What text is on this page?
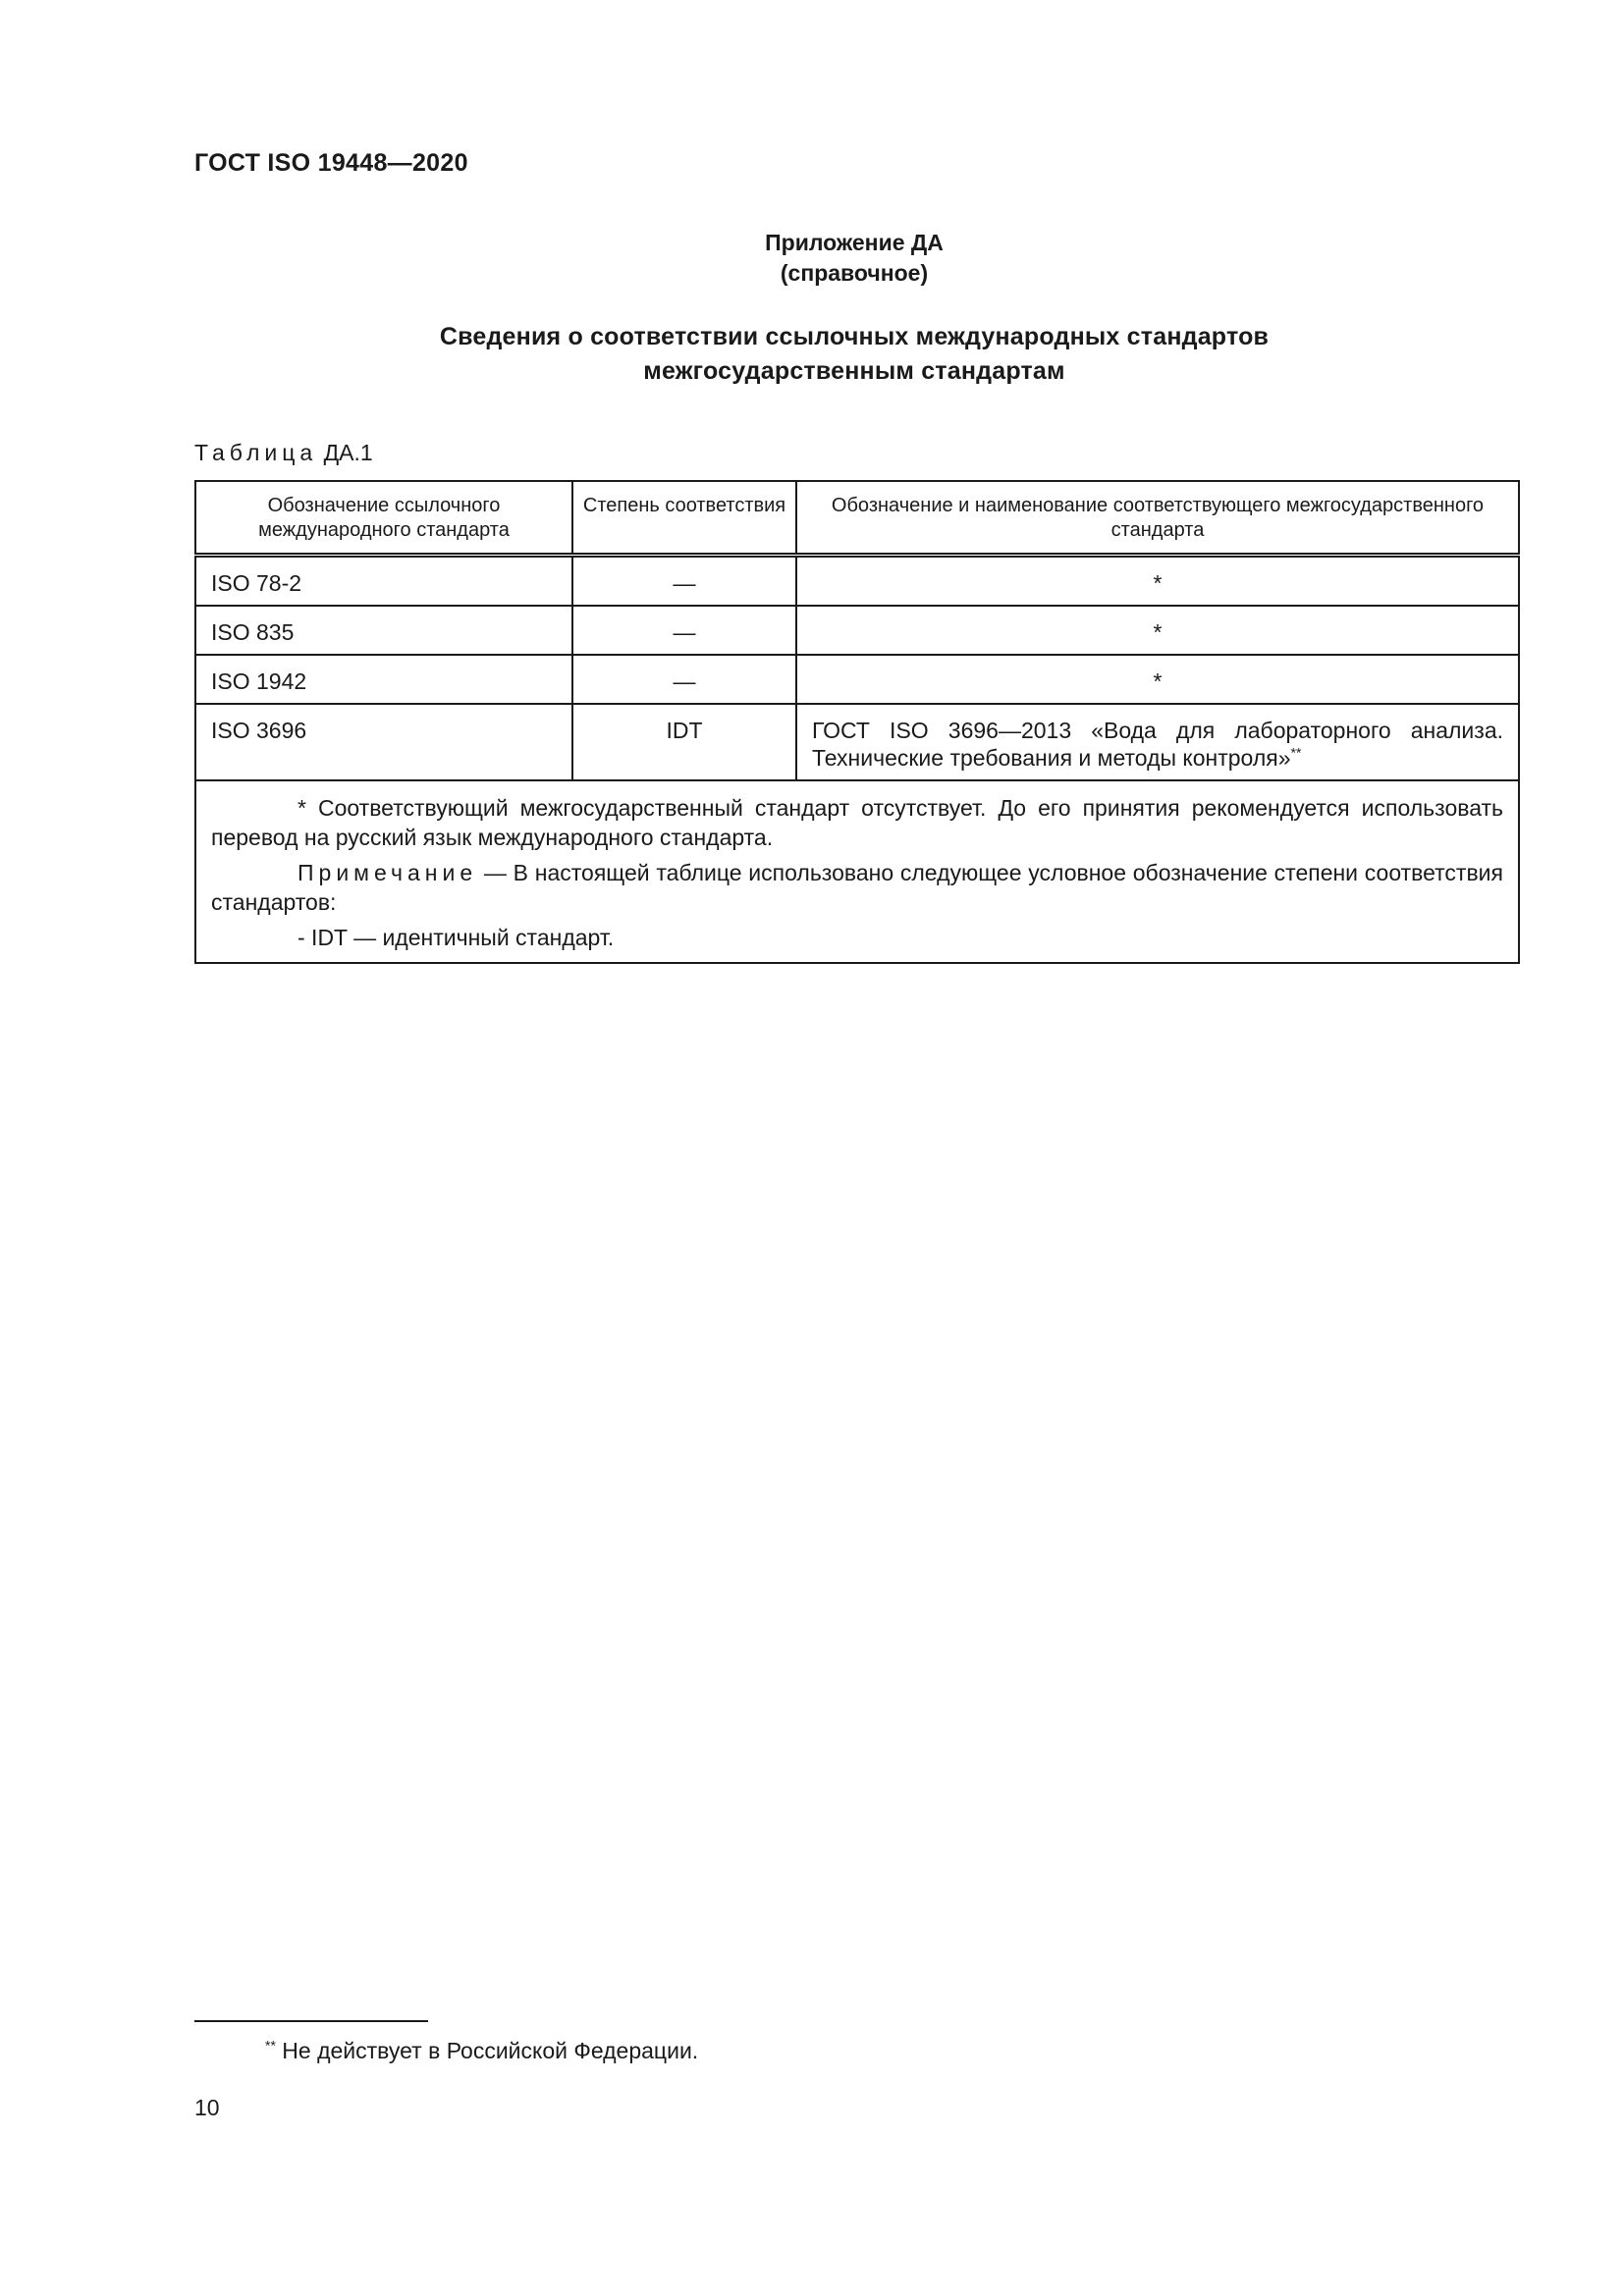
ГОСТ ISO 19448—2020
Приложение ДА
(справочное)
Сведения о соответствии ссылочных международных стандартов
межгосударственным стандартам
Таблица ДА.1
Обозначение ссылочного международного стандарта	Степень соответствия	Обозначение и наименование соответствующего межгосударственного стандарта
ISO 78-2	—	*
ISO 835	—	*
ISO 1942	—	*
ISO 3696	IDT	ГОСТ ISO 3696—2013 «Вода для лабораторного анализа. Технические требования и методы контроля»**

* Соответствующий межгосударственный стандарт отсутствует. До его принятия рекомендуется использовать перевод на русский язык международного стандарта.

Примечание — В настоящей таблице использовано следующее условное обозначение степени соответствия стандартов:

- IDT — идентичный стандарт.

** Не действует в Российской Федерации.
10
